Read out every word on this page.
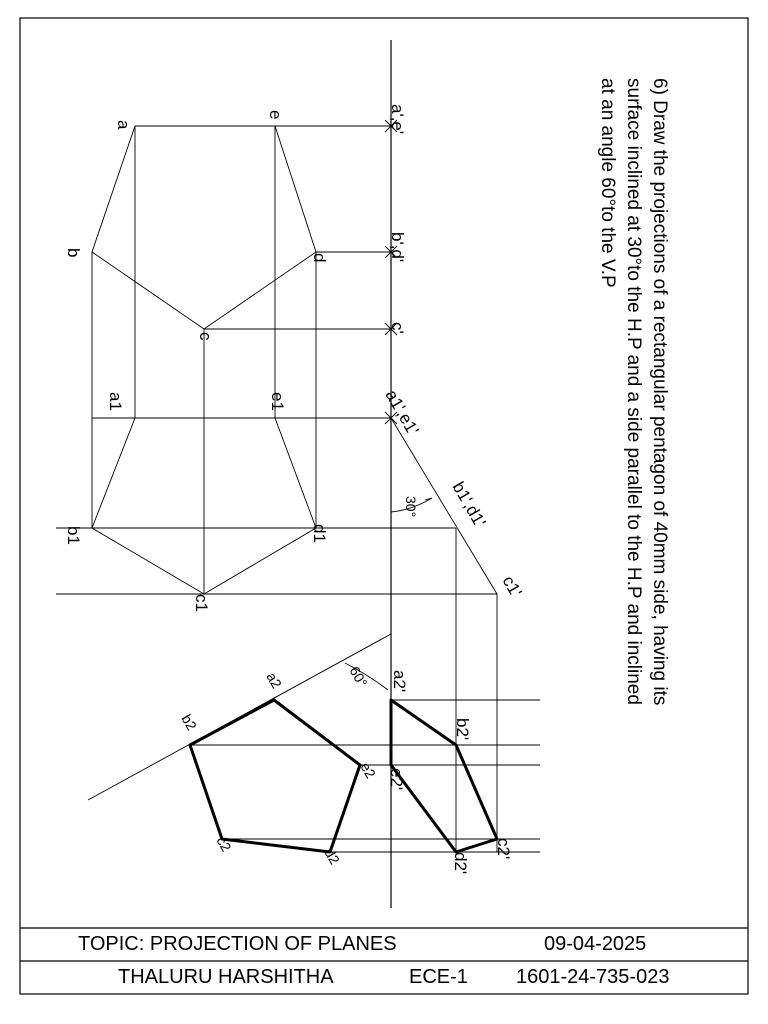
6) Draw the projections of a rectangular pentagon of 40mm side, having its
surface inclined at 30°to the H.P and a side parallel to the H.P and inclined
at an angle 60°to the V.P
a
e
b
d
c
a',e'
b',d'
c'
a1	e1
b1	d1
c1
a1',e1'
b1',d1'
c1'
30°
60°
a2
b2
c2
d2
e2
a2'
b2'
c2'
d2'
e2'
TOPIC: PROJECTION OF PLANES	09-04-2025
THALURU HARSHITHA	ECE-1 1601-24-735-023
